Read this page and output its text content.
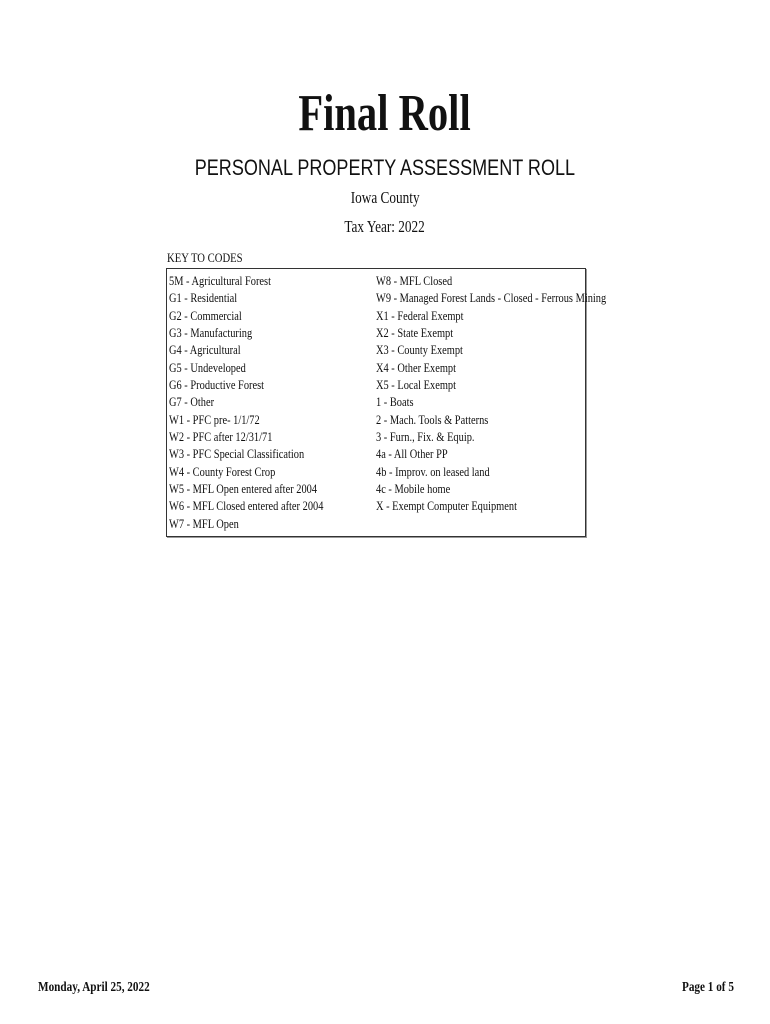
Final Roll
PERSONAL PROPERTY ASSESSMENT ROLL
Iowa County
Tax Year: 2022
KEY TO CODES
5M - Agricultural Forest
G1 - Residential
G2 - Commercial
G3 - Manufacturing
G4 - Agricultural
G5 - Undeveloped
G6 - Productive Forest
G7 - Other
W1 - PFC pre- 1/1/72
W2 - PFC after 12/31/71
W3 - PFC Special Classification
W4 - County Forest Crop
W5 - MFL Open entered after 2004
W6 - MFL Closed entered after 2004
W7 - MFL Open
W8 - MFL Closed
W9 - Managed Forest Lands - Closed - Ferrous Mining
X1 - Federal Exempt
X2 - State Exempt
X3 - County Exempt
X4 - Other Exempt
X5 - Local Exempt
1 - Boats
2 - Mach. Tools & Patterns
3 - Furn., Fix. & Equip.
4a - All Other PP
4b - Improv. on leased land
4c - Mobile home
X - Exempt Computer Equipment
Monday, April 25, 2022	Page 1 of 5
